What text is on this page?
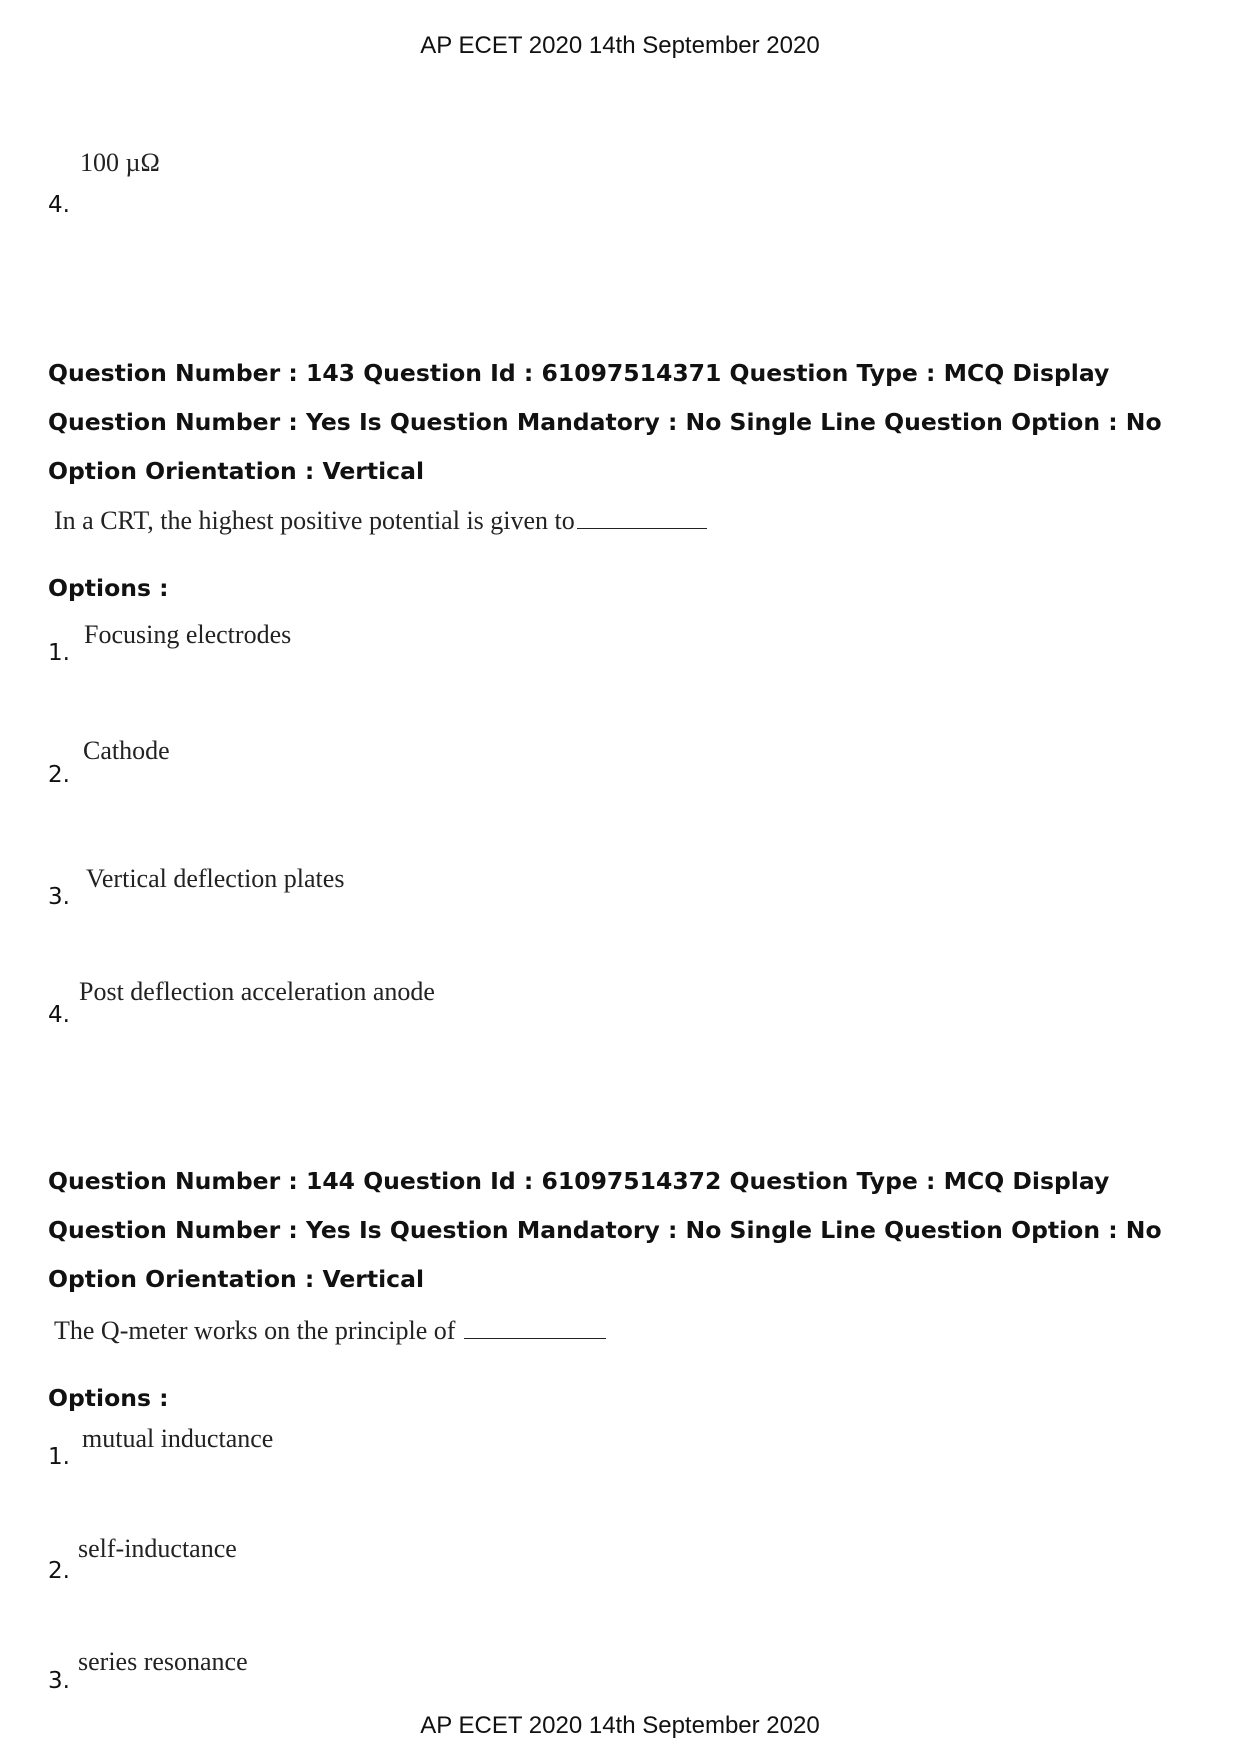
AP ECET 2020 14th September 2020
100 µΩ
4.
Question Number : 143 Question Id : 61097514371 Question Type : MCQ Display Question Number : Yes Is Question Mandatory : No Single Line Question Option : No Option Orientation : Vertical
In a CRT, the highest positive potential is given to
Options :
1.
Focusing electrodes
2.
Cathode
3.
Vertical deflection plates
4.
Post deflection acceleration anode
Question Number : 144 Question Id : 61097514372 Question Type : MCQ Display Question Number : Yes Is Question Mandatory : No Single Line Question Option : No Option Orientation : Vertical
The Q-meter works on the principle of
Options :
1.
mutual inductance
2.
self-inductance
3.
series resonance
AP ECET 2020 14th September 2020
